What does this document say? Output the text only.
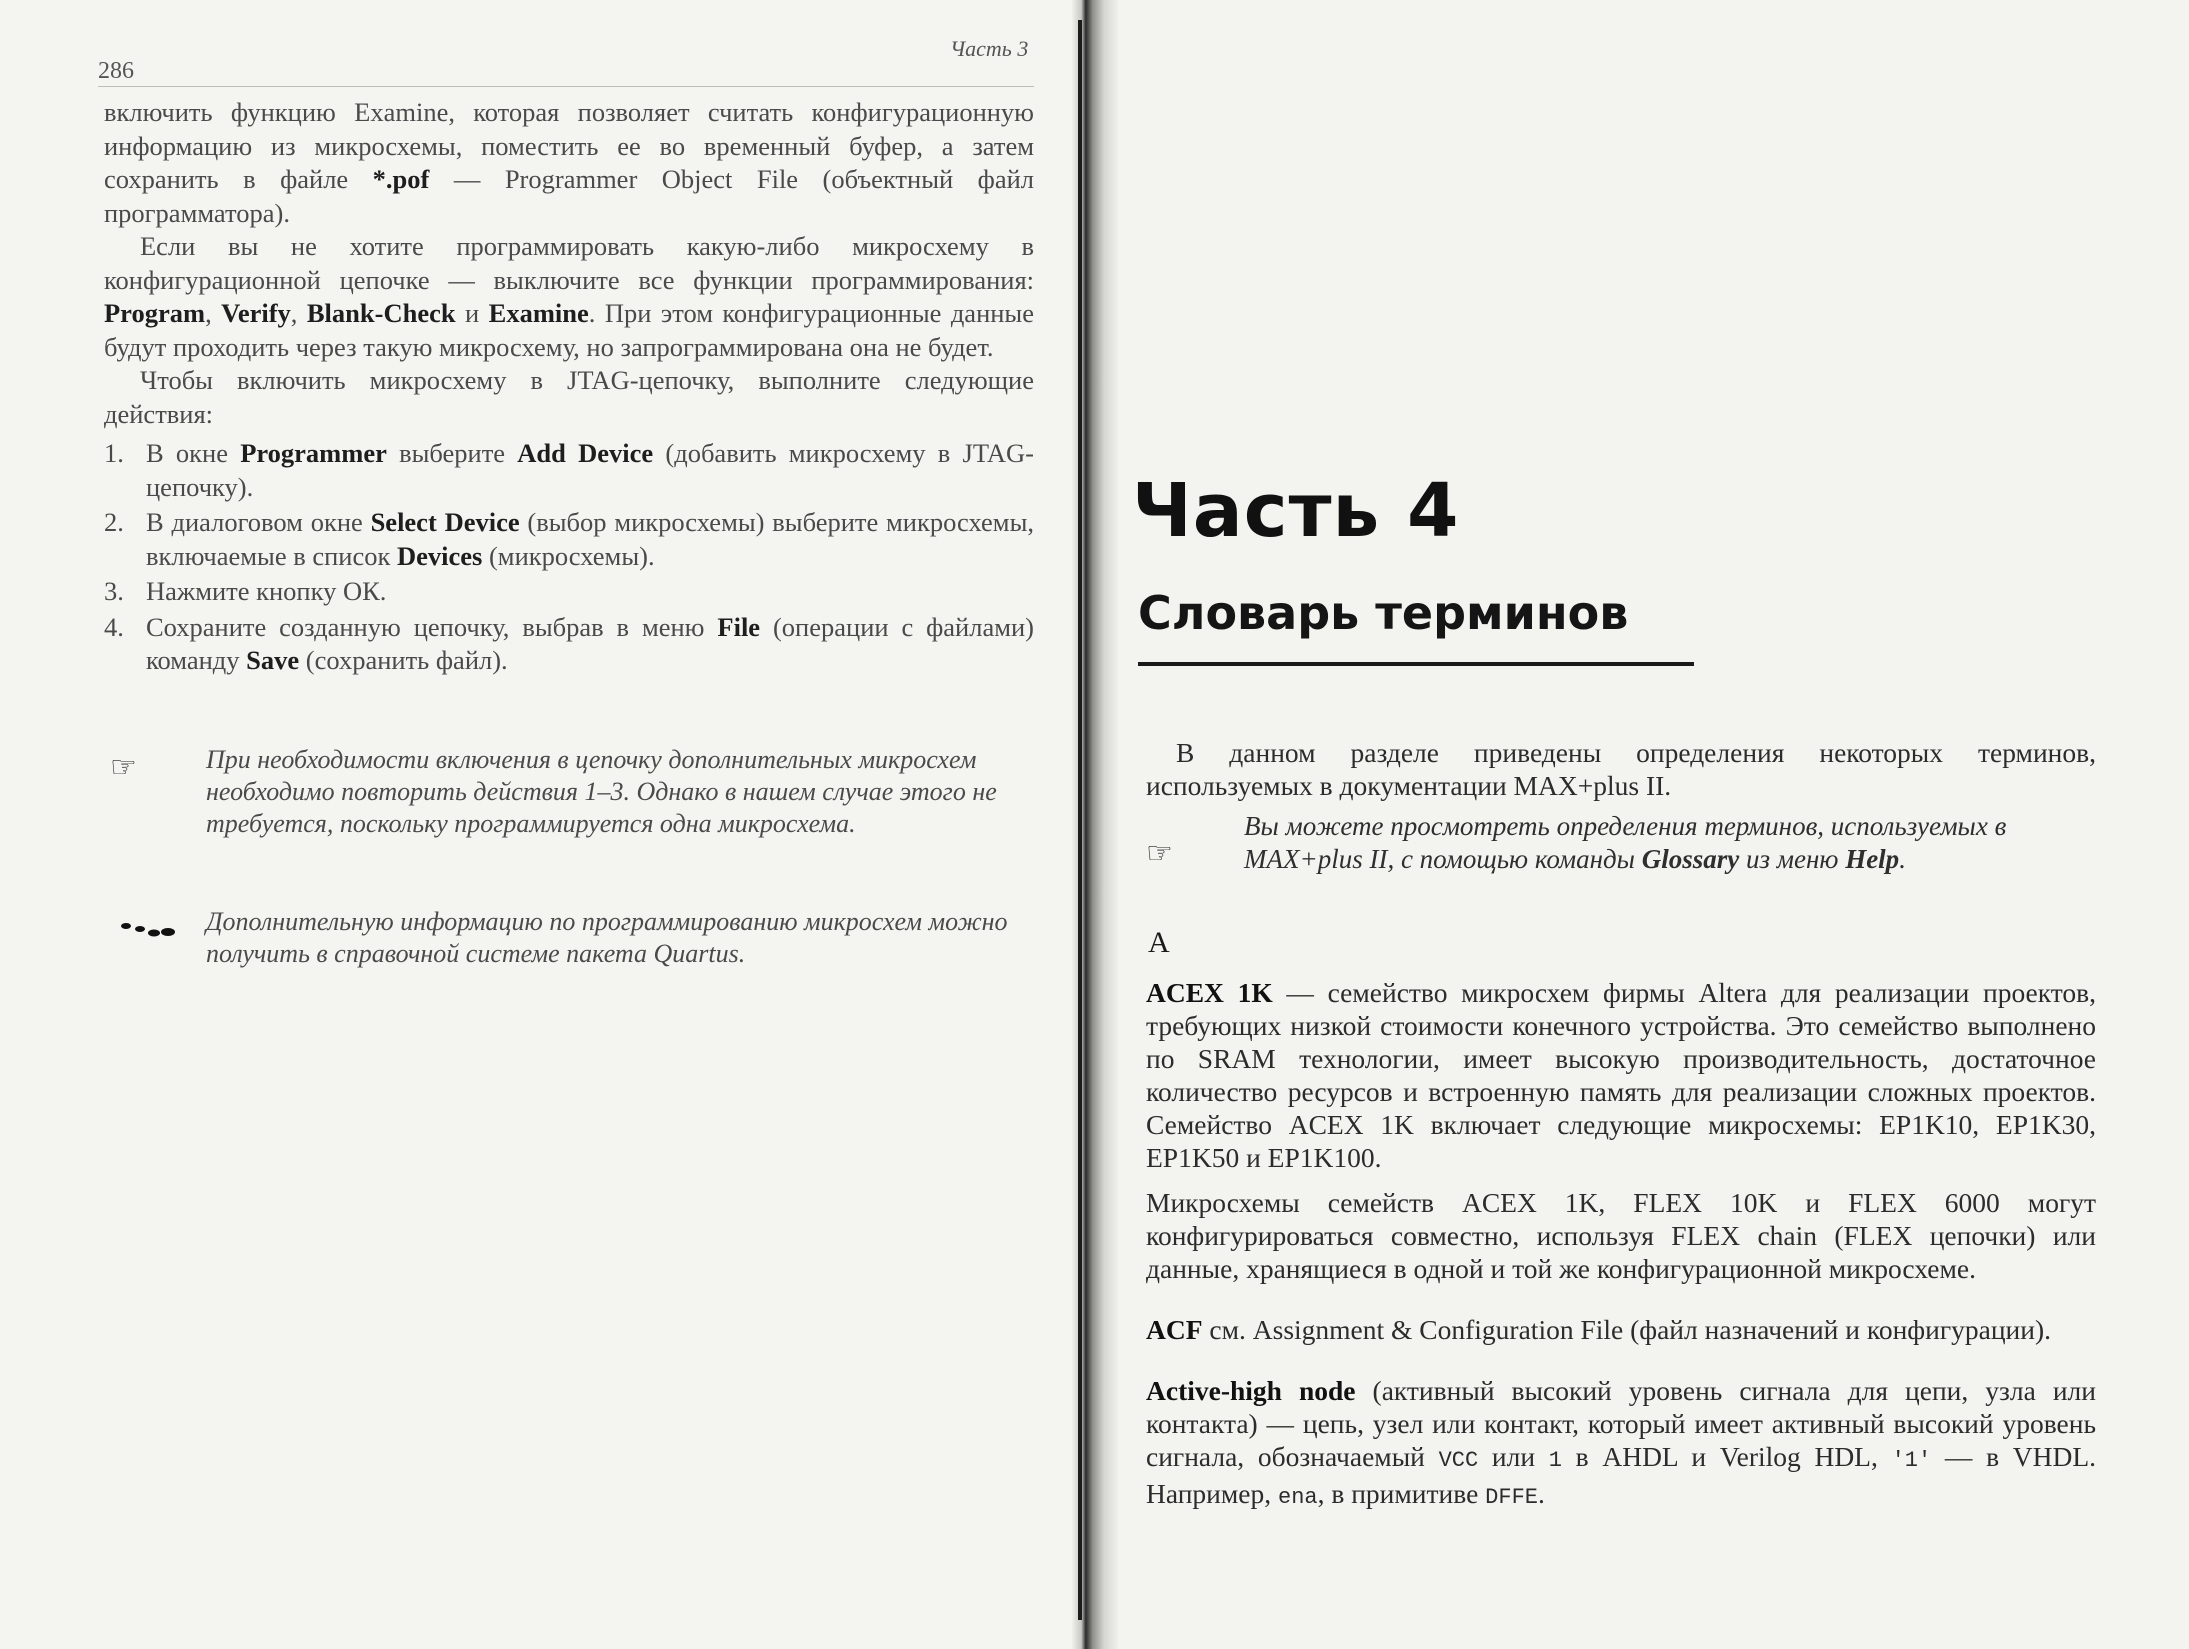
286
Часть 3

включить функцию Examine, которая позволяет считать конфигурационную информацию из микросхемы, поместить ее во временный буфер, а затем сохранить в файле *.pof — Programmer Object File (объектный файл программатора).

Если вы не хотите программировать какую-либо микросхему в конфигурационной цепочке — выключите все функции программирования: Program, Verify, Blank-Check и Examine. При этом конфигурационные данные будут проходить через такую микросхему, но запрограммирована она не будет.

Чтобы включить микросхему в JTAG-цепочку, выполните следующие действия:

1. В окне Programmer выберите Add Device (добавить микросхему в JTAG-цепочку).
2. В диалоговом окне Select Device (выбор микросхемы) выберите микросхемы, включаемые в список Devices (микросхемы).
3. Нажмите кнопку ОК.
4. Сохраните созданную цепочку, выбрав в меню File (операции с файлами) команду Save (сохранить файл).
☞	При необходимости включения в цепочку дополнительных микросхем необходимо повторить действия 1–3. Однако в нашем случае этого не требуется, поскольку программируется одна микросхема.
Дополнительную информацию по программированию микросхем можно получить в справочной системе пакета Quartus.
Часть 4
Словарь терминов

В данном разделе приведены определения некоторых терминов, используемых в документации MAX+plus II.

☞
Вы можете просмотреть определения терминов, используемых в MAX+plus II, с помощью команды Glossary из меню Help.
A

ACEX 1K — семейство микросхем фирмы Altera для реализации проектов, требующих низкой стоимости конечного устройства. Это семейство выполнено по SRAM технологии, имеет высокую производительность, достаточное количество ресурсов и встроенную память для реализации сложных проектов. Семейство ACEX 1K включает следующие микросхемы: EP1K10, EP1K30, EP1K50 и EP1K100.

Микросхемы семейств ACEX 1K, FLEX 10K и FLEX 6000 могут конфигурироваться совместно, используя FLEX chain (FLEX цепочки) или данные, хранящиеся в одной и той же конфигурационной микросхеме.

ACF см. Assignment & Configuration File (файл назначений и конфигурации).

Active-high node (активный высокий уровень сигнала для цепи, узла или контакта) — цепь, узел или контакт, который имеет активный высокий уровень сигнала, обозначаемый VCC или 1 в AHDL и Verilog HDL, '1' — в VHDL. Например, ena, в примитиве DFFE.
